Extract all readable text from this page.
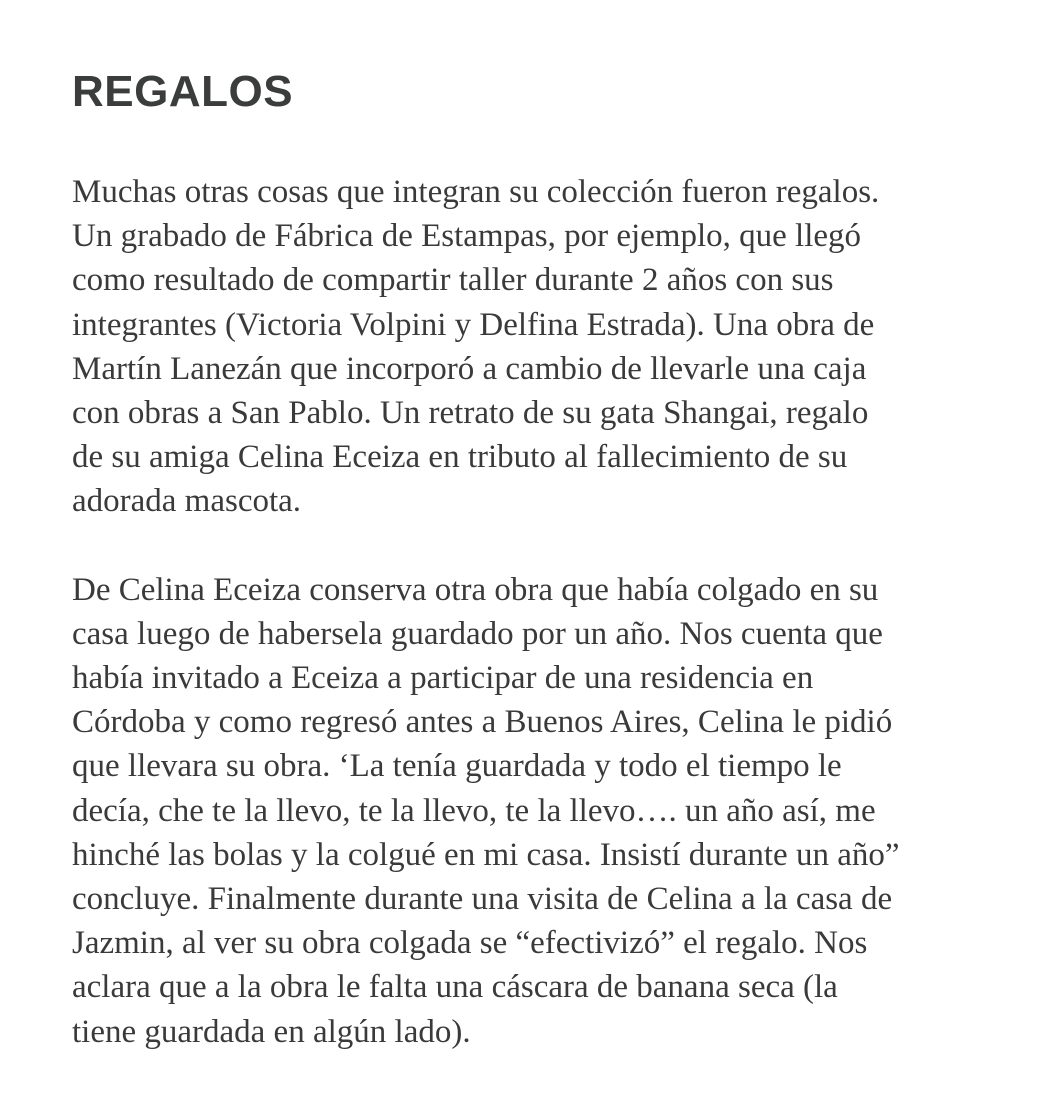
REGALOS

Muchas otras cosas que integran su colección fueron regalos.
Un grabado de Fábrica de Estampas, por ejemplo, que llegó
como resultado de compartir taller durante 2 años con sus
integrantes (Victoria Volpini y Delfina Estrada). Una obra de
Martín Lanezán que incorporó a cambio de llevarle una caja
con obras a San Pablo. Un retrato de su gata Shangai, regalo
de su amiga Celina Eceiza en tributo al fallecimiento de su
adorada mascota.

De Celina Eceiza conserva otra obra que había colgado en su
casa luego de habersela guardado por un año. Nos cuenta que
había invitado a Eceiza a participar de una residencia en
Córdoba y como regresó antes a Buenos Aires, Celina le pidió
que llevara su obra. ‘La tenía guardada y todo el tiempo le
decía, che te la llevo, te la llevo, te la llevo…. un año así, me
hinché las bolas y la colgué en mi casa. Insistí durante un año”
concluye. Finalmente durante una visita de Celina a la casa de
Jazmin, al ver su obra colgada se “efectivizó” el regalo. Nos
aclara que a la obra le falta una cáscara de banana seca (la
tiene guardada en algún lado).
